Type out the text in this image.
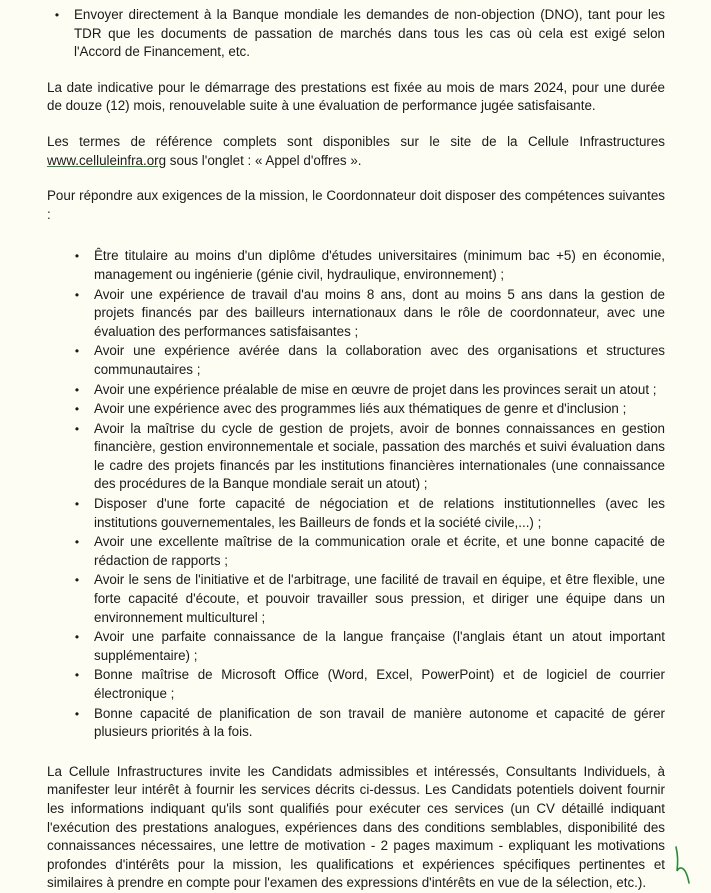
• Envoyer directement à la Banque mondiale les demandes de non-objection (DNO), tant pour les TDR que les documents de passation de marchés dans tous les cas où cela est exigé selon l'Accord de Financement, etc.

La date indicative pour le démarrage des prestations est fixée au mois de mars 2024, pour une durée de douze (12) mois, renouvelable suite à une évaluation de performance jugée satisfaisante.

Les termes de référence complets sont disponibles sur le site de la Cellule Infrastructures www.celluleinfra.org sous l'onglet : « Appel d'offres ».

Pour répondre aux exigences de la mission, le Coordonnateur doit disposer des compétences suivantes :

• Être titulaire au moins d'un diplôme d'études universitaires (minimum bac +5) en économie, management ou ingénierie (génie civil, hydraulique, environnement) ;
• Avoir une expérience de travail d'au moins 8 ans, dont au moins 5 ans dans la gestion de projets financés par des bailleurs internationaux dans le rôle de coordonnateur, avec une évaluation des performances satisfaisantes ;
• Avoir une expérience avérée dans la collaboration avec des organisations et structures communautaires ;
• Avoir une expérience préalable de mise en œuvre de projet dans les provinces serait un atout ;
• Avoir une expérience avec des programmes liés aux thématiques de genre et d'inclusion ;
• Avoir la maîtrise du cycle de gestion de projets, avoir de bonnes connaissances en gestion financière, gestion environnementale et sociale, passation des marchés et suivi évaluation dans le cadre des projets financés par les institutions financières internationales (une connaissance des procédures de la Banque mondiale serait un atout) ;
• Disposer d'une forte capacité de négociation et de relations institutionnelles (avec les institutions gouvernementales, les Bailleurs de fonds et la société civile,...) ;
• Avoir une excellente maîtrise de la communication orale et écrite, et une bonne capacité de rédaction de rapports ;
• Avoir le sens de l'initiative et de l'arbitrage, une facilité de travail en équipe, et être flexible, une forte capacité d'écoute, et pouvoir travailler sous pression, et diriger une équipe dans un environnement multiculturel ;
• Avoir une parfaite connaissance de la langue française (l'anglais étant un atout important supplémentaire) ;
• Bonne maîtrise de Microsoft Office (Word, Excel, PowerPoint) et de logiciel de courrier électronique ;
• Bonne capacité de planification de son travail de manière autonome et capacité de gérer plusieurs priorités à la fois.

La Cellule Infrastructures invite les Candidats admissibles et intéressés, Consultants Individuels, à manifester leur intérêt à fournir les services décrits ci-dessus. Les Candidats potentiels doivent fournir les informations indiquant qu'ils sont qualifiés pour exécuter ces services (un CV détaillé indiquant l'exécution des prestations analogues, expériences dans des conditions semblables, disponibilité des connaissances nécessaires, une lettre de motivation - 2 pages maximum - expliquant les motivations profondes d'intérêts pour la mission, les qualifications et expériences spécifiques pertinentes et similaires à prendre en compte pour l'examen des expressions d'intérêts en vue de la sélection, etc.).
